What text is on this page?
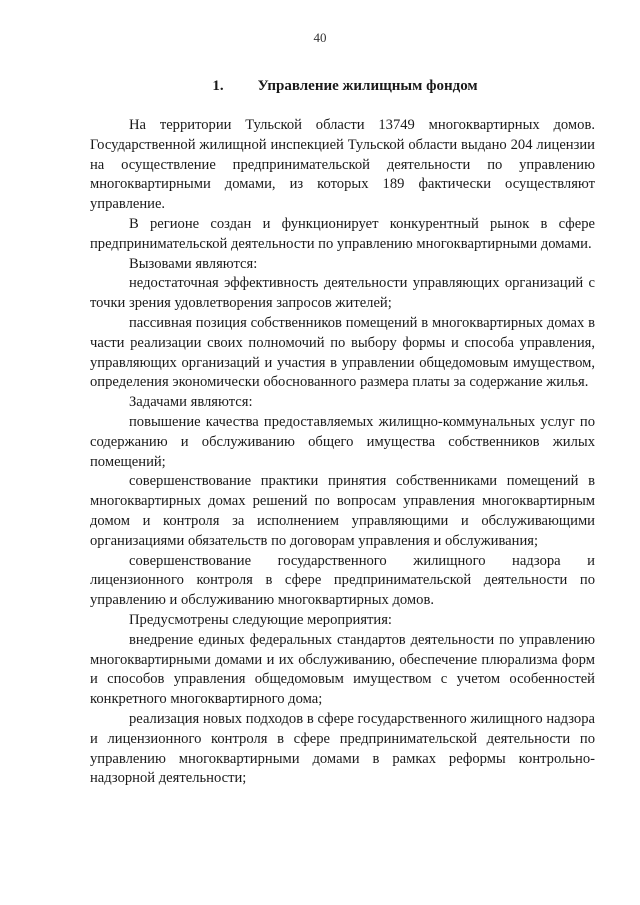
40
1. Управление жилищным фондом

На территории Тульской области 13749 многоквартирных домов. Государственной жилищной инспекцией Тульской области выдано 204 лицензии на осуществление предпринимательской деятельности по управлению многоквартирными домами, из которых 189 фактически осуществляют управление.

В регионе создан и функционирует конкурентный рынок в сфере предпринимательской деятельности по управлению многоквартирными домами.

Вызовами являются:

недостаточная эффективность деятельности управляющих организаций с точки зрения удовлетворения запросов жителей;

пассивная позиция собственников помещений в многоквартирных домах в части реализации своих полномочий по выбору формы и способа управления, управляющих организаций и участия в управлении общедомовым имуществом, определения экономически обоснованного размера платы за содержание жилья.

Задачами являются:

повышение качества предоставляемых жилищно-коммунальных услуг по содержанию и обслуживанию общего имущества собственников жилых помещений;

совершенствование практики принятия собственниками помещений в многоквартирных домах решений по вопросам управления многоквартирным домом и контроля за исполнением управляющими и обслуживающими организациями обязательств по договорам управления и обслуживания;

совершенствование государственного жилищного надзора и лицензионного контроля в сфере предпринимательской деятельности по управлению и обслуживанию многоквартирных домов.

Предусмотрены следующие мероприятия:

внедрение единых федеральных стандартов деятельности по управлению многоквартирными домами и их обслуживанию, обеспечение плюрализма форм и способов управления общедомовым имуществом с учетом особенностей конкретного многоквартирного дома;

реализация новых подходов в сфере государственного жилищного надзора и лицензионного контроля в сфере предпринимательской деятельности по управлению многоквартирными домами в рамках реформы контрольно-надзорной деятельности;
